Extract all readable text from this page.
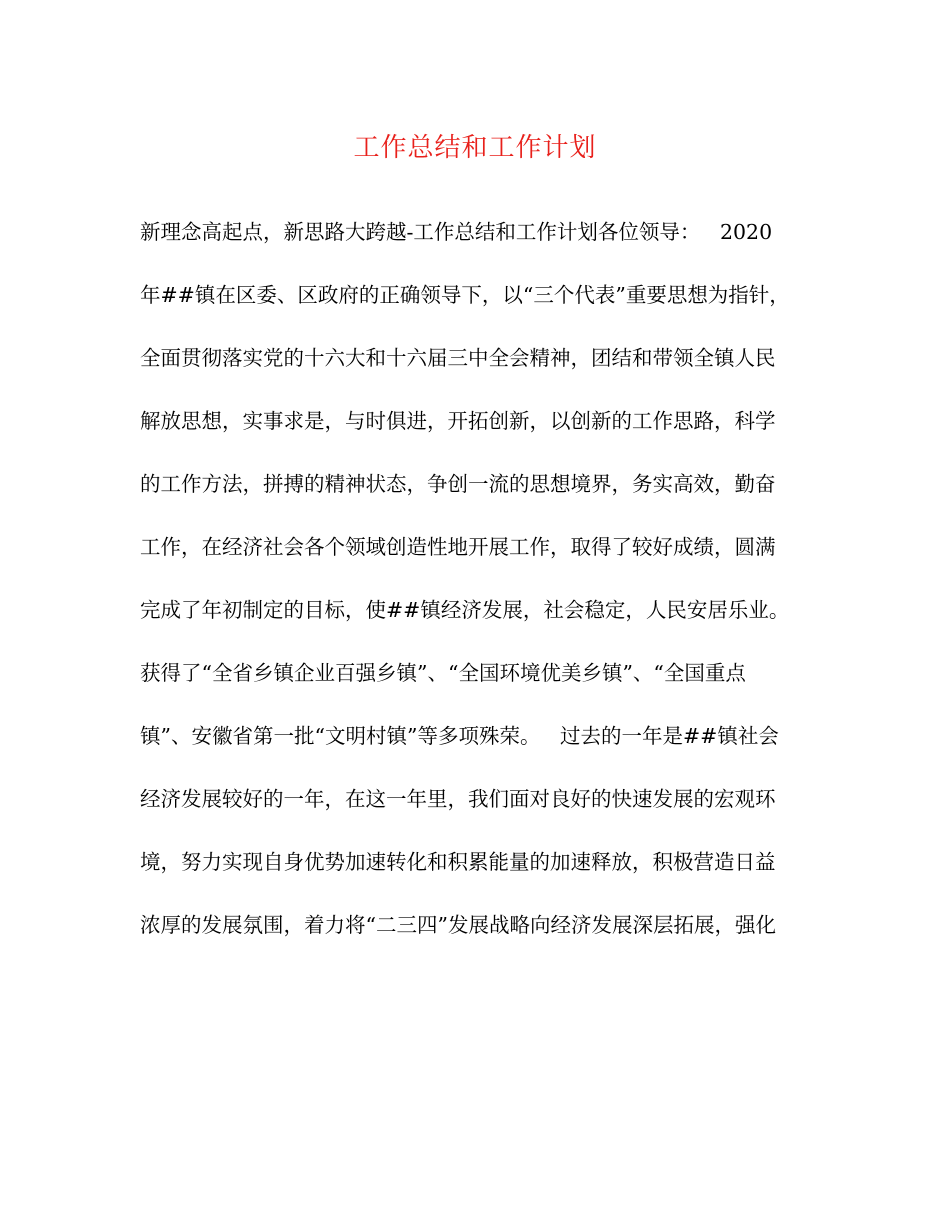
工作总结和工作计划
新理念高起点，新思路大跨越-工作总结和工作计划各位领导：   2020
年##镇在区委、区政府的正确领导下，以“三个代表”重要思想为指针，
全面贯彻落实党的十六大和十六届三中全会精神，团结和带领全镇人民
解放思想，实事求是，与时俱进，开拓创新，以创新的工作思路，科学
的工作方法，拼搏的精神状态，争创一流的思想境界，务实高效，勤奋
工作，在经济社会各个领域创造性地开展工作，取得了较好成绩，圆满
完成了年初制定的目标，使##镇经济发展，社会稳定，人民安居乐业。
获得了“全省乡镇企业百强乡镇”、“全国环境优美乡镇”、“全国重点
镇”、安徽省第一批“文明村镇”等多项殊荣。   过去的一年是##镇社会
经济发展较好的一年，在这一年里，我们面对良好的快速发展的宏观环
境，努力实现自身优势加速转化和积累能量的加速释放，积极营造日益
浓厚的发展氛围，着力将“二三四”发展战略向经济发展深层拓展，强化
